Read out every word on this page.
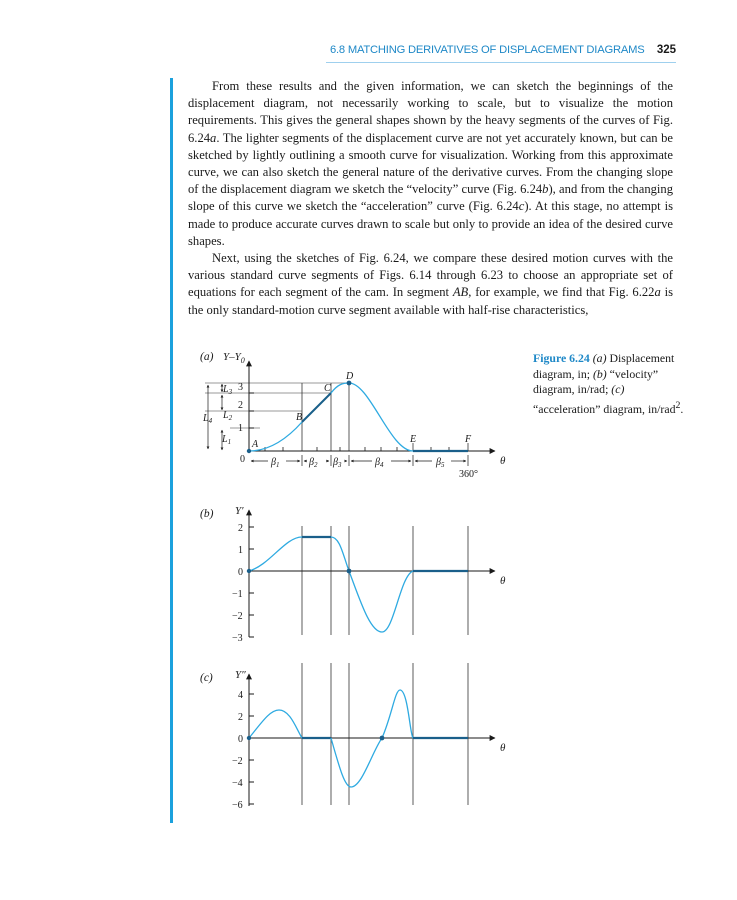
6.8 MATCHING DERIVATIVES OF DISPLACEMENT DIAGRAMS 325

From these results and the given information, we can sketch the beginnings of the displacement diagram, not necessarily working to scale, but to visualize the motion requirements. This gives the general shapes shown by the heavy segments of the curves of Fig. 6.24a. The lighter segments of the displacement curve are not yet accurately known, but can be sketched by lightly outlining a smooth curve for visualization. Working from this approximate curve, we can also sketch the general nature of the derivative curves. From the changing slope of the displacement diagram we sketch the “velocity” curve (Fig. 6.24b), and from the changing slope of this curve we sketch the “acceleration” curve (Fig. 6.24c). At this stage, no attempt is made to produce accurate curves drawn to scale but only to provide an idea of the desired curve shapes.

Next, using the sketches of Fig. 6.24, we compare these desired motion curves with the various standard curve segments of Figs. 6.14 through 6.23 to choose an appropriate set of equations for each segment of the cam. In segment AB, for example, we find that Fig. 6.22a is the only standard-motion curve segment available with half-rise characteristics,

Figure 6.24 (a) Displacement diagram, in; (b) “velocity” diagram, in/rad; (c) “acceleration” diagram, in/rad$^2$.
(a) $Y-Y_0$
3
2
1
0
$L_3$
$L_2$
$L_4$
$L_1$ A
B
C
D
E	F
$\beta_1$	$\beta_2$ $\beta_3$	$\beta_4$	$\beta_5$
360°
θ
(b) Y′
2
1
0
−1
−2
−3
θ
(c) Y″
4
2
0
−2
−4
−6
θ
